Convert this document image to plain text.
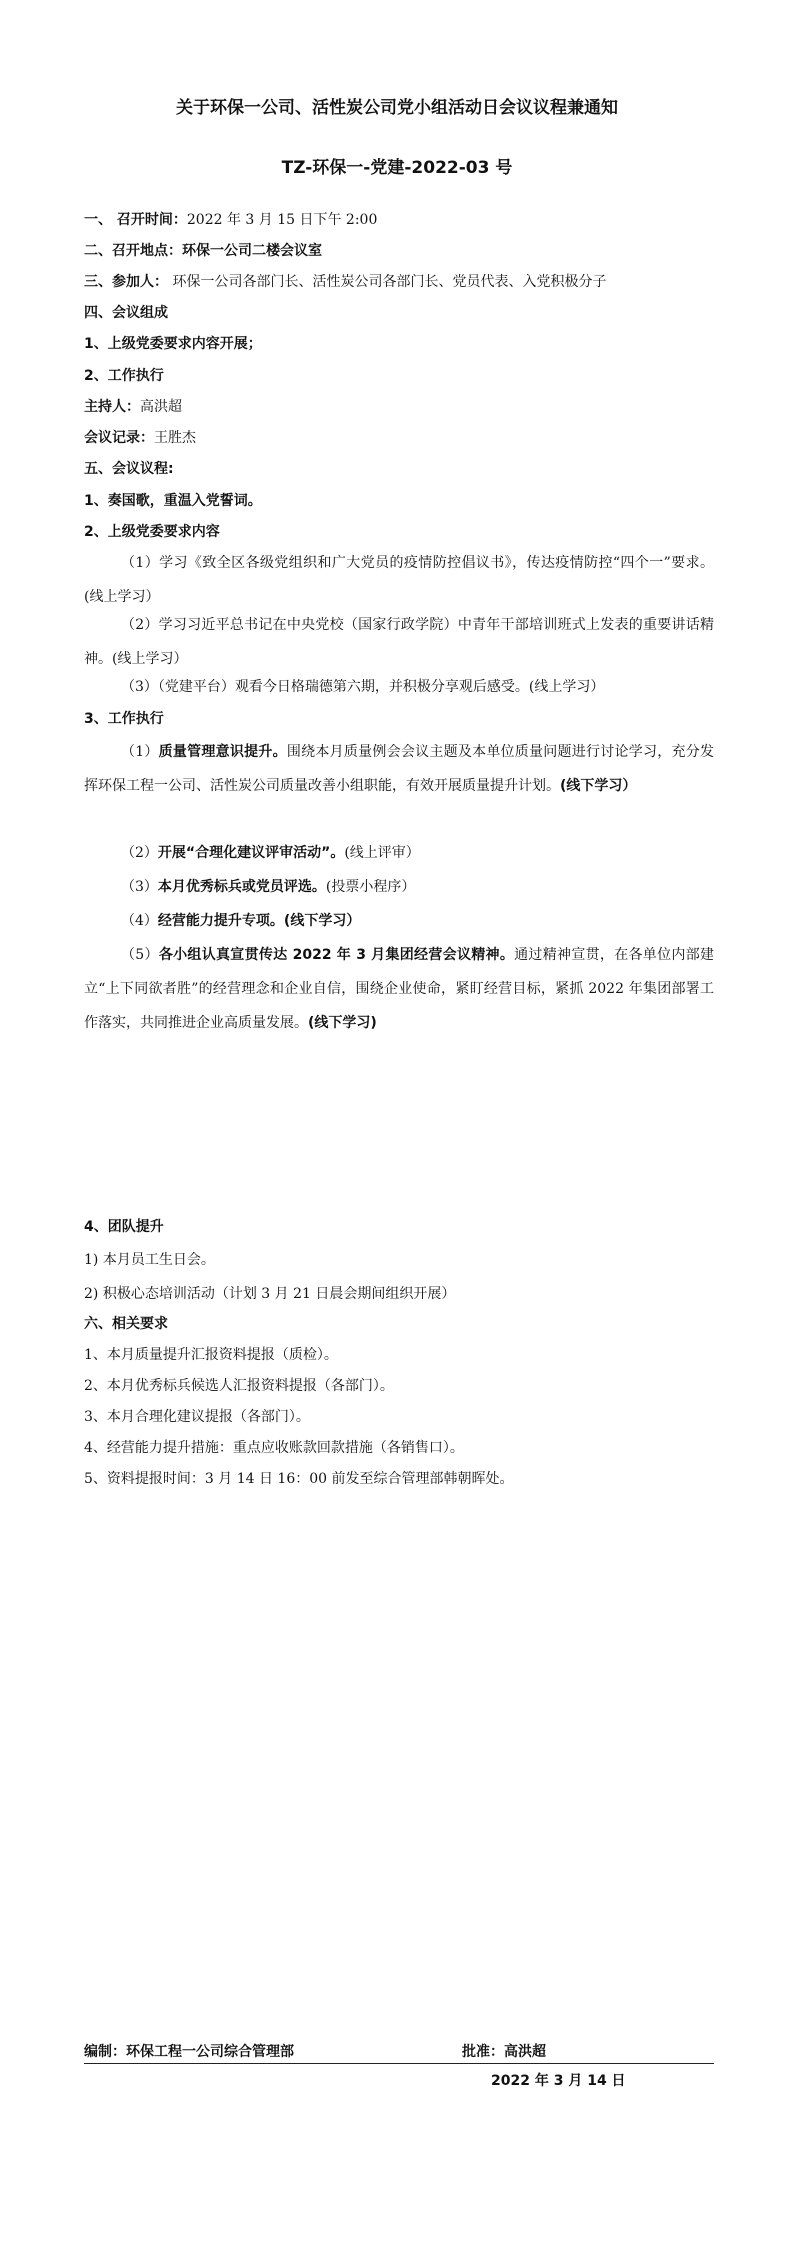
关于环保一公司、活性炭公司党小组活动日会议议程兼通知
TZ-环保一-党建-2022-03 号
一、 召开时间：2022 年 3 月 15 日下午 2:00
二、召开地点：环保一公司二楼会议室
三、参加人： 环保一公司各部门长、活性炭公司各部门长、党员代表、入党积极分子
四、会议组成
1、上级党委要求内容开展；
2、工作执行
主持人：高洪超
会议记录：王胜杰
五、会议议程:
1、奏国歌，重温入党誓词。
2、上级党委要求内容
（1）学习《致全区各级党组织和广大党员的疫情防控倡议书》，传达疫情防控“四个一”要求。(线上学习）
（2）学习习近平总书记在中央党校（国家行政学院）中青年干部培训班式上发表的重要讲话精神。(线上学习）
（3）（党建平台）观看今日格瑞德第六期，并积极分享观后感受。(线上学习）
3、工作执行
（1）质量管理意识提升。围绕本月质量例会会议主题及本单位质量问题进行讨论学习，充分发挥环保工程一公司、活性炭公司质量改善小组职能，有效开展质量提升计划。(线下学习）
（2）开展“合理化建议评审活动”。(线上评审）
（3）本月优秀标兵或党员评选。(投票小程序）
（4）经营能力提升专项。(线下学习）
（5）各小组认真宣贯传达 2022 年 3 月集团经营会议精神。通过精神宣贯，在各单位内部建立“上下同欲者胜”的经营理念和企业自信，围绕企业使命，紧盯经营目标，紧抓 2022 年集团部署工作落实，共同推进企业高质量发展。(线下学习)
4、团队提升
1) 本月员工生日会。
2) 积极心态培训活动（计划 3 月 21 日晨会期间组织开展）
六、相关要求
1、本月质量提升汇报资料提报（质检）。
2、本月优秀标兵候选人汇报资料提报（各部门）。
3、本月合理化建议提报（各部门）。
4、经营能力提升措施：重点应收账款回款措施（各销售口）。
5、资料提报时间：3 月 14 日 16：00 前发至综合管理部韩朝晖处。
编制：环保工程一公司综合管理部	批准：高洪超
2022 年 3 月 14 日
